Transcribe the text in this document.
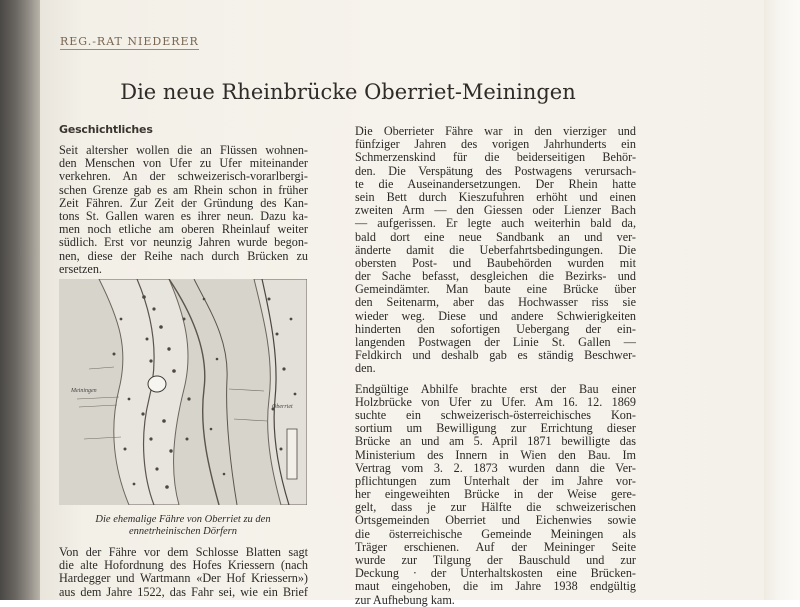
REG.-RAT NIEDERER
Die neue Rheinbrücke Oberriet-Meiningen
Geschichtliches
Seit altersher wollen die an Flüssen wohnen-
den Menschen von Ufer zu Ufer miteinander
verkehren. An der schweizerisch-vorarlbergi-
schen Grenze gab es am Rhein schon in früher
Zeit Fähren. Zur Zeit der Gründung des Kan-
tons St. Gallen waren es ihrer neun. Dazu ka-
men noch etliche am oberen Rheinlauf weiter
südlich. Erst vor neunzig Jahren wurde begon-
nen, diese der Reihe nach durch Brücken zu
ersetzen.
Meiningen
Oberriet
Die ehemalige Fähre von Oberriet zu den
ennetrheinischen Dörfern
Von der Fähre vor dem Schlosse Blatten sagt
die alte Hofordnung des Hofes Kriessern (nach
Hardegger und Wartmann «Der Hof Kriessern»)
aus dem Jahre 1522, das Fahr sei, wie ein Brief
Die Oberrieter Fähre war in den vierziger und
fünfziger Jahren des vorigen Jahrhunderts ein
Schmerzenskind für die beiderseitigen Behör-
den. Die Verspätung des Postwagens verursach-
te die Auseinandersetzungen. Der Rhein hatte
sein Bett durch Kieszufuhren erhöht und einen
zweiten Arm — den Giessen oder Lienzer Bach
— aufgerissen. Er legte auch weiterhin bald da,
bald dort eine neue Sandbank an und ver-
änderte damit die Ueberfahrtsbedingungen. Die
obersten Post- und Baubehörden wurden mit
der Sache befasst, desgleichen die Bezirks- und
Gemeindämter. Man baute eine Brücke über
den Seitenarm, aber das Hochwasser riss sie
wieder weg. Diese und andere Schwierigkeiten
hinderten den sofortigen Uebergang der ein-
langenden Postwagen der Linie St. Gallen —
Feldkirch und deshalb gab es ständig Beschwer-
den.
Endgültige Abhilfe brachte erst der Bau einer
Holzbrücke von Ufer zu Ufer. Am 16. 12. 1869
suchte ein schweizerisch-österreichisches Kon-
sortium um Bewilligung zur Errichtung dieser
Brücke an und am 5. April 1871 bewilligte das
Ministerium des Innern in Wien den Bau. Im
Vertrag vom 3. 2. 1873 wurden dann die Ver-
pflichtungen zum Unterhalt der im Jahre vor-
her eingeweihten Brücke in der Weise gere-
gelt, dass je zur Hälfte die schweizerischen
Ortsgemeinden Oberriet und Eichenwies sowie
die österreichische Gemeinde Meiningen als
Träger erschienen. Auf der Meininger Seite
wurde zur Tilgung der Bauschuld und zur
Deckung · der Unterhaltskosten eine Brücken-
maut eingehoben, die im Jahre 1938 endgültig
zur Aufhebung kam.
